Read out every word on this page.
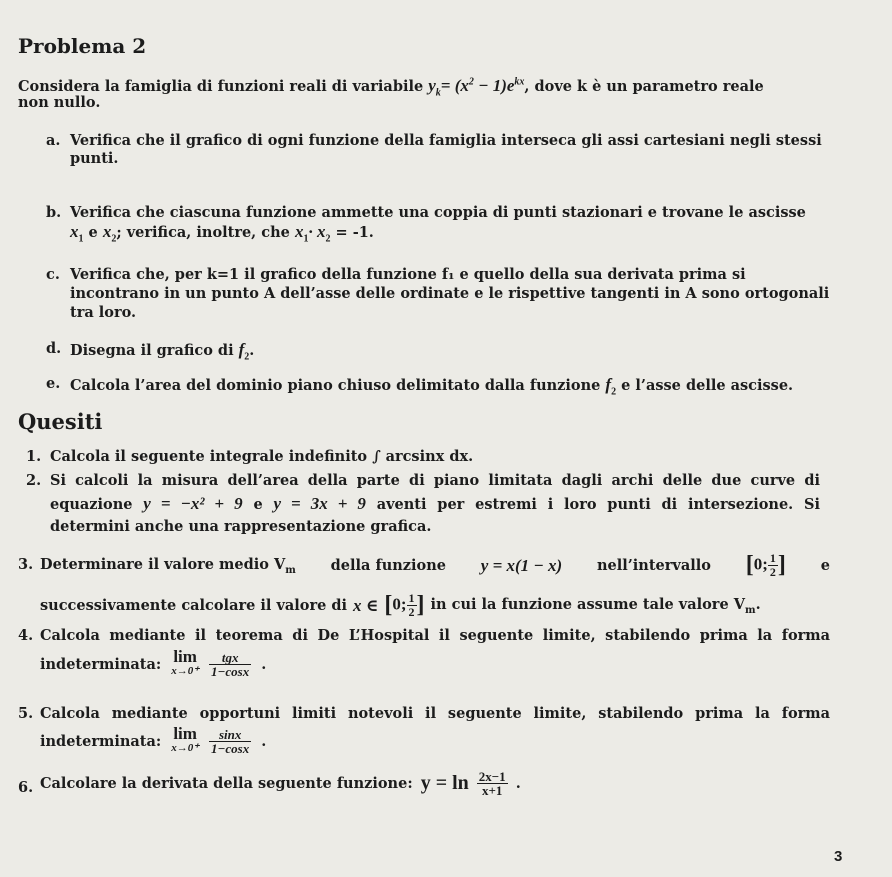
Problema 2
Considera la famiglia di funzioni reali di variabile $y_k= (x^2 - 1)e^{kx}$, dove k è un parametro reale
non nullo.
a. Verifica che il grafico di ogni funzione della famiglia interseca gli assi cartesiani negli stessi
punti.
b. Verifica che ciascuna funzione ammette una coppia di punti stazionari e trovane le ascisse
$x_1$ e $x_2$; verifica, inoltre, che $x_1\cdot x_2 = -1$.
c. Verifica che, per k=1 il grafico della funzione f₁ e quello della sua derivata prima si
incontrano in un punto A dell’asse delle ordinate e le rispettive tangenti in A sono ortogonali
tra loro.
d. Disegna il grafico di $f_2$.
e. Calcola l’area del dominio piano chiuso delimitato dalla funzione $f_2$ e l’asse delle ascisse.
Quesiti
1. Calcola il seguente integrale indefinito ∫ arcsinx dx.
2. Si calcoli la misura dell’area della parte di piano limitata dagli archi delle due curve di
equazione y = −x² + 9 e y = 3x + 9 aventi per estremi i loro punti di intersezione. Si
determini anche una rappresentazione grafica.
3. Determinare il valore medio $V_m$ della funzione y = x(1 − x) nell’intervallo [0; $\frac{1}{2}$ ] e
successivamente calcolare il valore di x ∈ [0; $\frac{1}{2}$ ] in cui la funzione assume tale valore $V_m$.
4. Calcola mediante il teorema di De L’Hospital il seguente limite, stabilendo prima la forma
indeterminata: lim
$x\to 0^+ \frac{\text{tgx}}{1-\cos x}$ .
5. Calcola mediante opportuni limiti notevoli il seguente limite, stabilendo prima la forma
indeterminata: lim
$x\to 0^+ \frac{\sin x}{1-\cos x}$ .
6. Calcolare la derivata della seguente funzione: $y = \ln \frac{2x-1}{x+1}$ .
3
